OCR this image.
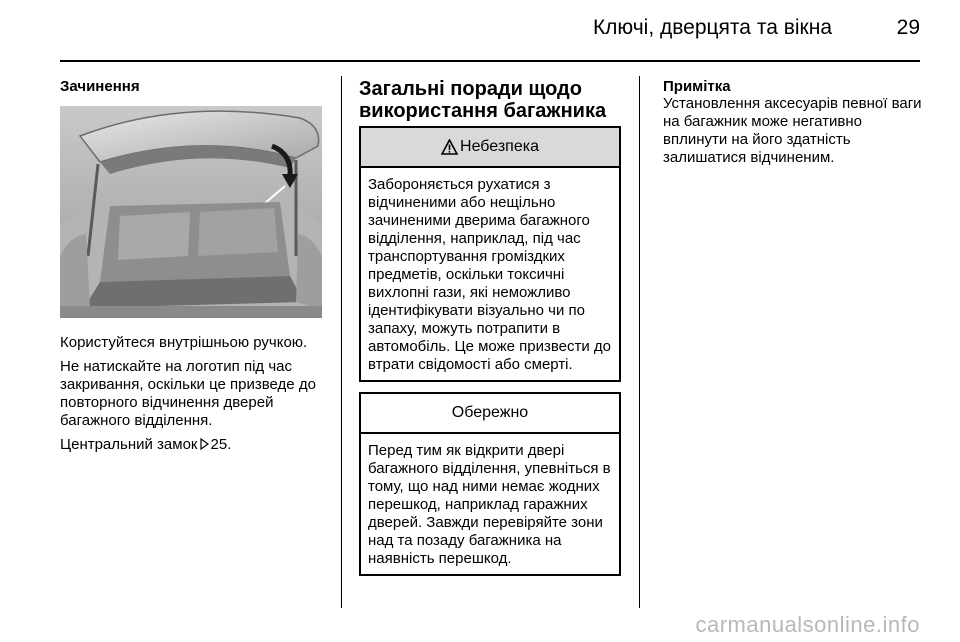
Ключі, дверцята та вікна	29
Зачинення

Користуйтеся внутрішньою ручкою.

Не натискайте на логотип під час закривання, оскільки це призведе до повторного відчинення дверей багажного відділення.

Центральний замок 25.

Загальні поради щодо використання багажника
Небезпека
Забороняється рухатися з відчиненими або нещільно зачиненими дверима багажного відділення, наприклад, під час транспортування громіздких предметів, оскільки токсичні вихлопні гази, які неможливо ідентифікувати візуально чи по запаху, можуть потрапити в автомобіль. Це може призвести до втрати свідомості або смерті.
Обережно
Перед тим як відкрити двері багажного відділення, упевніться в тому, що над ними немає жодних перешкод, наприклад гаражних дверей. Завжди перевіряйте зони над та позаду багажника на наявність перешкод.
Примітка
Установлення аксесуарів певної ваги на багажник може негативно вплинути на його здатність залишатися відчиненим.
carmanualsonline.info
